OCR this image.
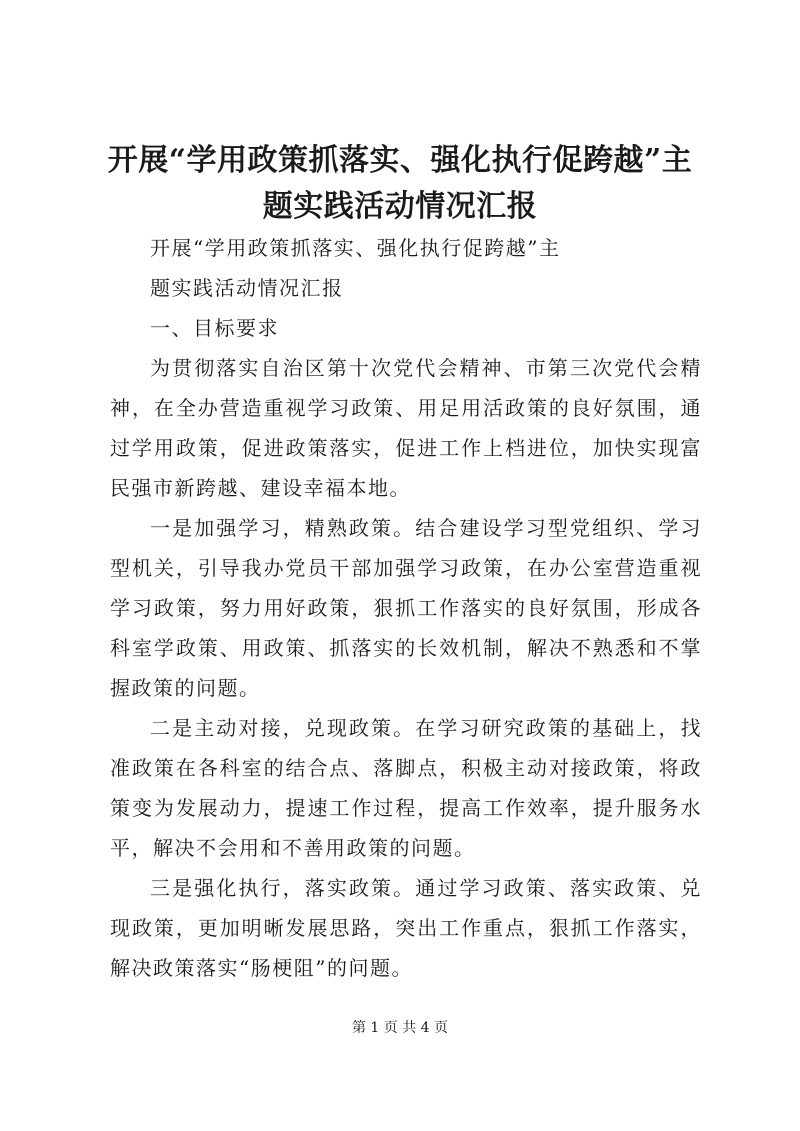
开展“学用政策抓落实、强化执行促跨越”主题实践活动情况汇报

开展“学用政策抓落实、强化执行促跨越”主

题实践活动情况汇报

一、目标要求

为贯彻落实自治区第十次党代会精神、市第三次党代会精神，在全办营造重视学习政策、用足用活政策的良好氛围，通过学用政策，促进政策落实，促进工作上档进位，加快实现富民强市新跨越、建设幸福本地。

一是加强学习，精熟政策。结合建设学习型党组织、学习型机关，引导我办党员干部加强学习政策，在办公室营造重视学习政策，努力用好政策，狠抓工作落实的良好氛围，形成各科室学政策、用政策、抓落实的长效机制，解决不熟悉和不掌握政策的问题。

二是主动对接，兑现政策。在学习研究政策的基础上，找准政策在各科室的结合点、落脚点，积极主动对接政策，将政策变为发展动力，提速工作过程，提高工作效率，提升服务水平，解决不会用和不善用政策的问题。

三是强化执行，落实政策。通过学习政策、落实政策、兑现政策，更加明晰发展思路，突出工作重点，狠抓工作落实，解决政策落实“肠梗阻”的问题。

第 1 页 共 4 页
